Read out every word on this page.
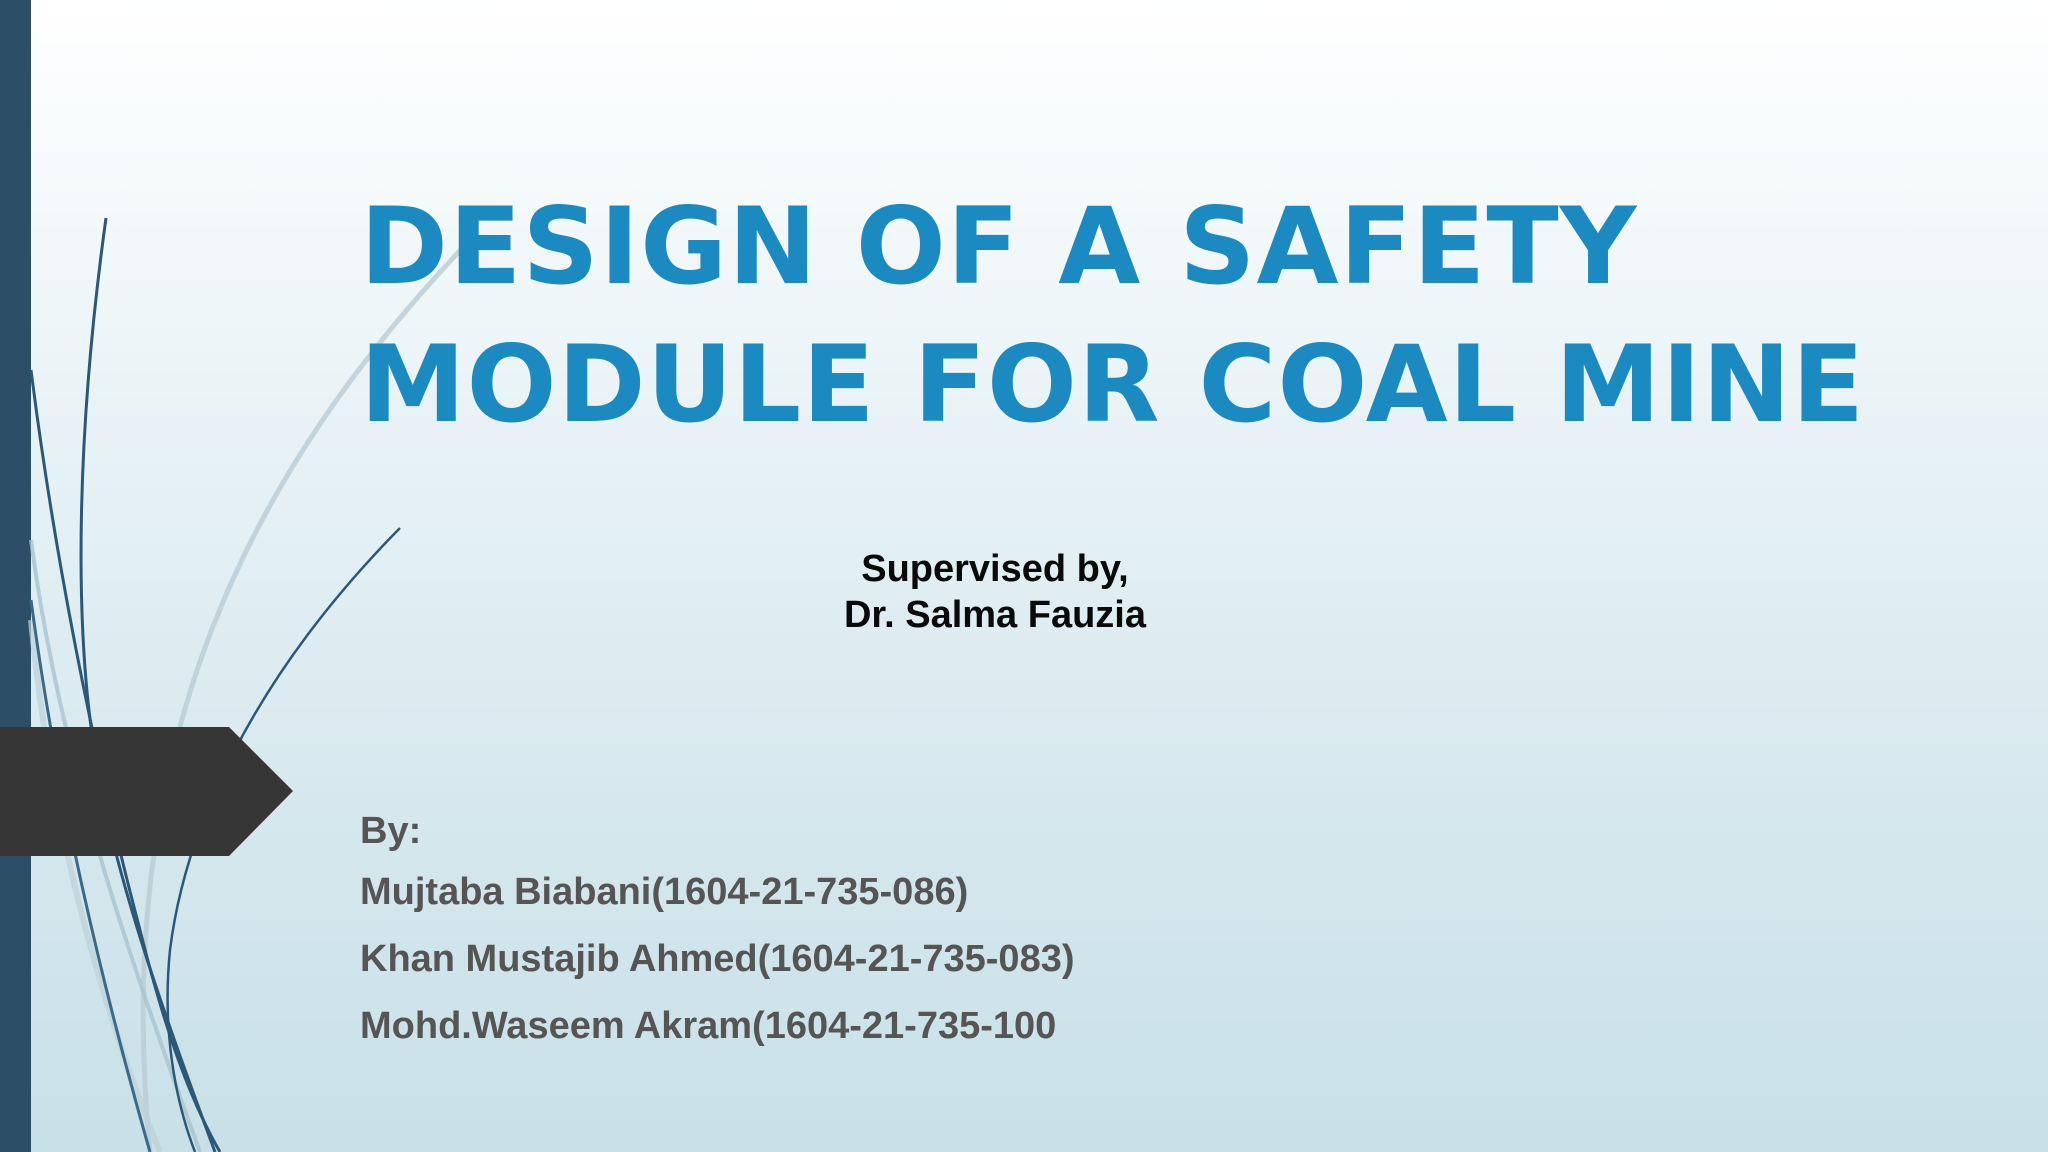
DESIGN OF A SAFETY
MODULE FOR COAL MINE
Supervised by,
Dr. Salma Fauzia
By:
Mujtaba Biabani(1604-21-735-086)
Khan Mustajib Ahmed(1604-21-735-083)
Mohd.Waseem Akram(1604-21-735-100
